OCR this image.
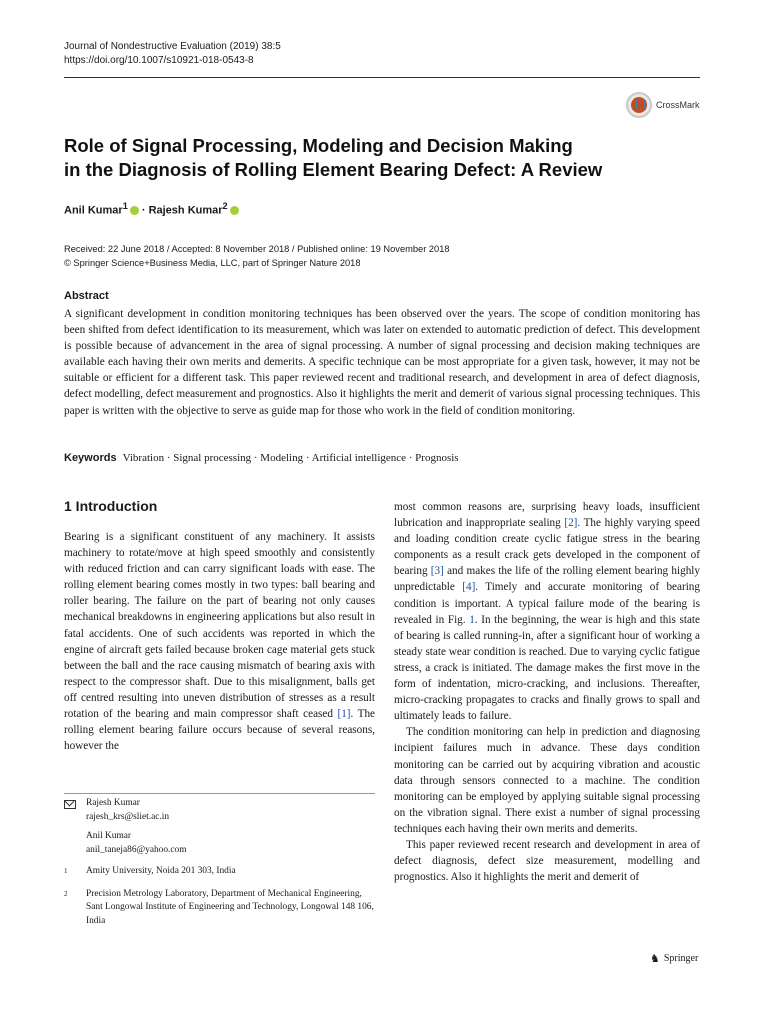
Journal of Nondestructive Evaluation (2019) 38:5
https://doi.org/10.1007/s10921-018-0543-8
CrossMark
Role of Signal Processing, Modeling and Decision Making
in the Diagnosis of Rolling Element Bearing Defect: A Review
Anil Kumar$^1$ · Rajesh Kumar$^2$
Received: 22 June 2018 / Accepted: 8 November 2018 / Published online: 19 November 2018
© Springer Science+Business Media, LLC, part of Springer Nature 2018
Abstract
A significant development in condition monitoring techniques has been observed over the years. The scope of condition monitoring has been shifted from defect identification to its measurement, which was later on extended to automatic prediction of defect. This development is possible because of advancement in the area of signal processing. A number of signal processing and decision making techniques are available each having their own merits and demerits. A specific technique can be most appropriate for a given task, however, it may not be suitable or efficient for a different task. This paper reviewed recent and traditional research, and development in area of defect diagnosis, defect modelling, defect measurement and prognostics. Also it highlights the merit and demerit of various signal processing techniques. This paper is written with the objective to serve as guide map for those who work in the field of condition monitoring.
Keywords Vibration · Signal processing · Modeling · Artificial intelligence · Prognosis
1 Introduction

Bearing is a significant constituent of any machinery. It assists machinery to rotate/move at high speed smoothly and consistently with reduced friction and can carry significant loads with ease. The rolling element bearing comes mostly in two types: ball bearing and roller bearing. The failure on the part of bearing not only causes mechanical breakdowns in engineering applications but also result in fatal accidents. One of such accidents was reported in which the engine of aircraft gets failed because broken cage material gets stuck between the ball and the race causing mismatch of bearing axis with respect to the compressor shaft. Due to this misalignment, balls get off centred resulting into uneven distribution of stresses as a result rotation of the bearing and main compressor shaft ceased [1]. The rolling element bearing failure occurs because of several reasons, however the

most common reasons are, surprising heavy loads, insufficient lubrication and inappropriate sealing [2]. The highly varying speed and loading condition create cyclic fatigue stress in the bearing components as a result crack gets developed in the component of bearing [3] and makes the life of the rolling element bearing highly unpredictable [4]. Timely and accurate monitoring of bearing condition is important. A typical failure mode of the bearing is revealed in Fig. 1. In the beginning, the wear is high and this state of bearing is called running-in, after a significant hour of working a steady state wear condition is reached. Due to varying cyclic fatigue stress, a crack is initiated. The damage makes the first move in the form of indentation, micro-cracking, and inclusions. Thereafter, micro-cracking propagates to cracks and finally grows to spall and ultimately leads to failure.

The condition monitoring can help in prediction and diagnosing incipient failures much in advance. These days condition monitoring can be carried out by acquiring vibration and acoustic data through sensors connected to a machine. The condition monitoring can be employed by applying suitable signal processing on the vibration signal. There exist a number of signal processing techniques each having their own merits and demerits.

This paper reviewed recent research and development in area of defect diagnosis, defect size measurement, modelling and prognostics. Also it highlights the merit and demerit of

Rajesh Kumar
rajesh_krs@sliet.ac.in
Anil Kumar
anil_taneja86@yahoo.com
$^1$	Amity University, Noida 201 303, India
$^2$	Precision Metrology Laboratory, Department of Mechanical Engineering, Sant Longowal Institute of Engineering and Technology, Longowal 148 106, India
♞ Springer
